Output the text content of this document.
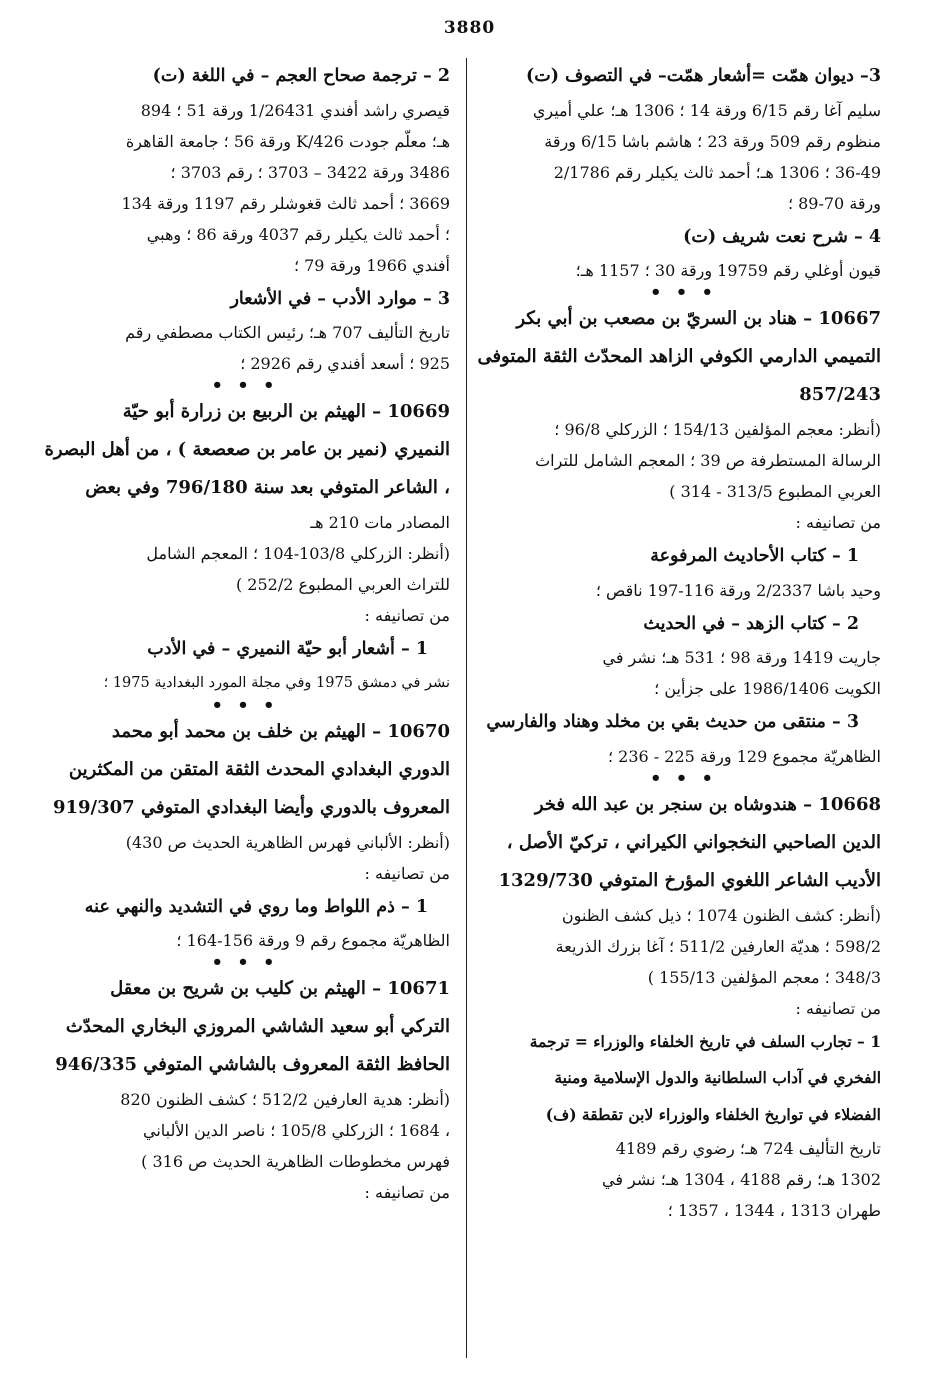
3880
3– ديوان همّت =أشعار همّت– في التصوف (ت)
سليم آغا رقم 6/15 ورقة 14 ؛ 1306 هـ؛ علي أميري
منظوم رقم 509 ورقة 23 ؛ هاشم باشا 6/15 ورقة
36-49 ؛ 1306 هـ؛ أحمد ثالث يكيلر رقم 2/1786
ورقة 70-89 ؛
4 – شرح نعت شريف (ت)
قيون أوغلي رقم 19759 ورقة 30 ؛ 1157 هـ؛
• • •
10667 – هناد بن السريّ بن مصعب بن أبي بكر
التميمي الدارمي الكوفي الزاهد المحدّث الثقة المتوفى
857/243
(أنظر: معجم المؤلفين 154/13 ؛ الزركلي 96/8 ؛
الرسالة المستطرفة ص 39 ؛ المعجم الشامل للتراث
العربي المطبوع 313/5 - 314 )
من تصانيفه :
1 – كتاب الأحاديث المرفوعة
وحيد باشا 2/2337 ورقة 116-197 ناقص ؛
2 – كتاب الزهد – في الحديث
جاريت 1419 ورقة 98 ؛ 531 هـ؛ نشر في
الكويت 1986/1406 على جزأين ؛
3 – منتقى من حديث بقي بن مخلد وهناد والفارسي
الظاهريّة مجموع 129 ورقة 225 - 236 ؛
• • •
10668 – هندوشاه بن سنجر بن عبد الله فخر
الدين الصاحبي النخجواني الكيراني ، تركيّ الأصل ،
الأديب الشاعر اللغوي المؤرخ المتوفي 1329/730
(أنظر: كشف الظنون 1074 ؛ ذيل كشف الظنون
598/2 ؛ هديّة العارفين 511/2 ؛ آغا بزرك الذريعة
348/3 ؛ معجم المؤلفين 155/13 )
من تصانيفه :
1 – تجارب السلف في تاريخ الخلفاء والوزراء = ترجمة
الفخري في آداب السلطانية والدول الإسلامية ومنية
الفضلاء في تواريخ الخلفاء والوزراء لابن تقطقة (ف)
تاريخ التأليف 724 هـ؛ رضوي رقم 4189
1302 هـ؛ رقم 4188 ، 1304 هـ؛ نشر في
طهران 1313 ، 1344 ، 1357 ؛
2 – ترجمة صحاح العجم – في اللغة (ت)
قيصري راشد أفندي 1/26431 ورقة 51 ؛ 894
هـ؛ معلّم جودت 426/K ورقة 56 ؛ جامعة القاهرة
3486 ورقة 3422 – 3703 ؛ رقم 3703 ؛
3669 ؛ أحمد ثالث قغوشلر رقم 1197 ورقة 134
؛ أحمد ثالث يكيلر رقم 4037 ورقة 86 ؛ وهبي
أفندي 1966 ورقة 79 ؛
3 – موارد الأدب – في الأشعار
تاريخ التأليف 707 هـ؛ رئيس الكتاب مصطفي رقم
925 ؛ أسعد أفندي رقم 2926 ؛
• • •
10669 – الهيثم بن الربيع بن زرارة أبو حيّة
النميري (نمير بن عامر بن صعصعة ) ، من أهل البصرة
، الشاعر المتوفي بعد سنة 796/180 وفي بعض
المصادر مات 210 هـ
(أنظر: الزركلي 103/8-104 ؛ المعجم الشامل
للتراث العربي المطبوع 252/2 )
من تصانيفه :
1 – أشعار أبو حيّة النميري – في الأدب
نشر في دمشق 1975 وفي مجلة المورد البغدادية 1975 ؛
• • •
10670 – الهيثم بن خلف بن محمد أبو محمد
الدوري البغدادي المحدث الثقة المتقن من المكثرين
المعروف بالدوري وأيضا البغدادي المتوفي 919/307
(أنظر: الألباني فهرس الظاهرية الحديث ص 430)
من تصانيفه :
1 – ذم اللواط وما روي في التشديد والنهي عنه
الظاهريّة مجموع رقم 9 ورقة 156-164 ؛
• • •
10671 – الهيثم بن كليب بن شريح بن معقل
التركي أبو سعيد الشاشي المروزي البخاري المحدّث
الحافظ الثقة المعروف بالشاشي المتوفي 946/335
(أنظر: هدية العارفين 512/2 ؛ كشف الظنون 820
، 1684 ؛ الزركلي 105/8 ؛ ناصر الدين الألباني
فهرس مخطوطات الظاهرية الحديث ص 316 )
من تصانيفه :
